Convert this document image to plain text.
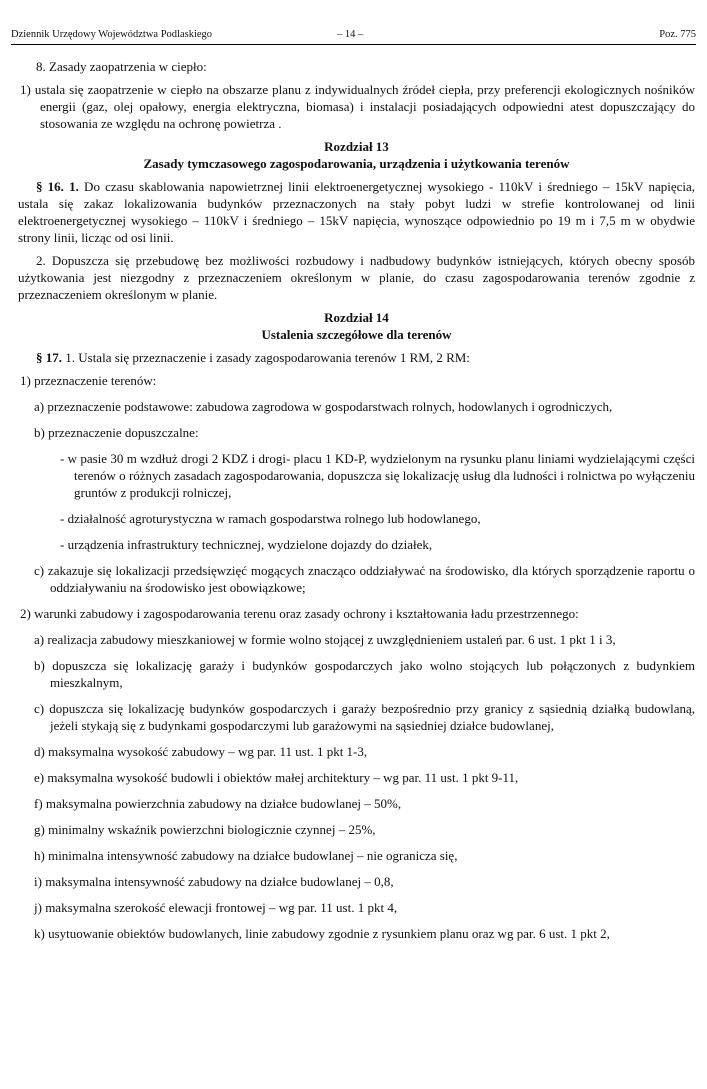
Dziennik Urzędowy Województwa Podlaskiego	– 14 –	Poz. 775

8. Zasady zaopatrzenia w ciepło:

1) ustala się zaopatrzenie w ciepło na obszarze planu z indywidualnych źródeł ciepła, przy preferencji ekologicznych nośników energii (gaz, olej opałowy, energia elektryczna, biomasa) i instalacji posiadających odpowiedni atest dopuszczający do stosowania ze względu na ochronę powietrza .

Rozdział 13

Zasady tymczasowego zagospodarowania, urządzenia i użytkowania terenów

§ 16. 1. Do czasu skablowania napowietrznej linii elektroenergetycznej wysokiego - 110kV i średniego – 15kV napięcia, ustala się zakaz lokalizowania budynków przeznaczonych na stały pobyt ludzi w strefie kontrolowanej od linii elektroenergetycznej wysokiego – 110kV i średniego – 15kV napięcia, wynoszące odpowiednio po 19 m i 7,5 m w obydwie strony linii, licząc od osi linii.

2. Dopuszcza się przebudowę bez możliwości rozbudowy i nadbudowy budynków istniejących, których obecny sposób użytkowania jest niezgodny z przeznaczeniem określonym w planie, do czasu zagospodarowania terenów zgodnie z przeznaczeniem określonym w planie.

Rozdział 14

Ustalenia szczegółowe dla terenów

§ 17. 1. Ustala się przeznaczenie i zasady zagospodarowania terenów 1 RM, 2 RM:

1) przeznaczenie terenów:

a) przeznaczenie podstawowe: zabudowa zagrodowa w gospodarstwach rolnych, hodowlanych i ogrodniczych,

b) przeznaczenie dopuszczalne:

- w pasie 30 m wzdłuż drogi 2 KDZ i drogi- placu 1 KD-P, wydzielonym na rysunku planu liniami wydzielającymi części terenów o różnych zasadach zagospodarowania, dopuszcza się lokalizację usług dla ludności i rolnictwa po wyłączeniu gruntów z produkcji rolniczej,

- działalność agroturystyczna w ramach gospodarstwa rolnego lub hodowlanego,

- urządzenia infrastruktury technicznej, wydzielone dojazdy do działek,

c) zakazuje się lokalizacji przedsięwzięć mogących znacząco oddziaływać na środowisko, dla których sporządzenie raportu o oddziaływaniu na środowisko jest obowiązkowe;

2) warunki zabudowy i zagospodarowania terenu oraz zasady ochrony i kształtowania ładu przestrzennego:

a) realizacja zabudowy mieszkaniowej w formie wolno stojącej z uwzględnieniem ustaleń par. 6 ust. 1 pkt 1 i 3,

b) dopuszcza się lokalizację garaży i budynków gospodarczych jako wolno stojących lub połączonych z budynkiem mieszkalnym,

c) dopuszcza się lokalizację budynków gospodarczych i garaży bezpośrednio przy granicy z sąsiednią działką budowlaną, jeżeli stykają się z budynkami gospodarczymi lub garażowymi na sąsiedniej działce budowlanej,

d) maksymalna wysokość zabudowy – wg par. 11 ust. 1 pkt 1-3,

e) maksymalna wysokość budowli i obiektów małej architektury – wg par. 11 ust. 1 pkt 9-11,

f) maksymalna powierzchnia zabudowy na działce budowlanej – 50%,

g) minimalny wskaźnik powierzchni biologicznie czynnej – 25%,

h) minimalna intensywność zabudowy na działce budowlanej – nie ogranicza się,

i) maksymalna intensywność zabudowy na działce budowlanej – 0,8,

j) maksymalna szerokość elewacji frontowej – wg par. 11 ust. 1 pkt 4,

k) usytuowanie obiektów budowlanych, linie zabudowy zgodnie z rysunkiem planu oraz wg par. 6 ust. 1 pkt 2,
